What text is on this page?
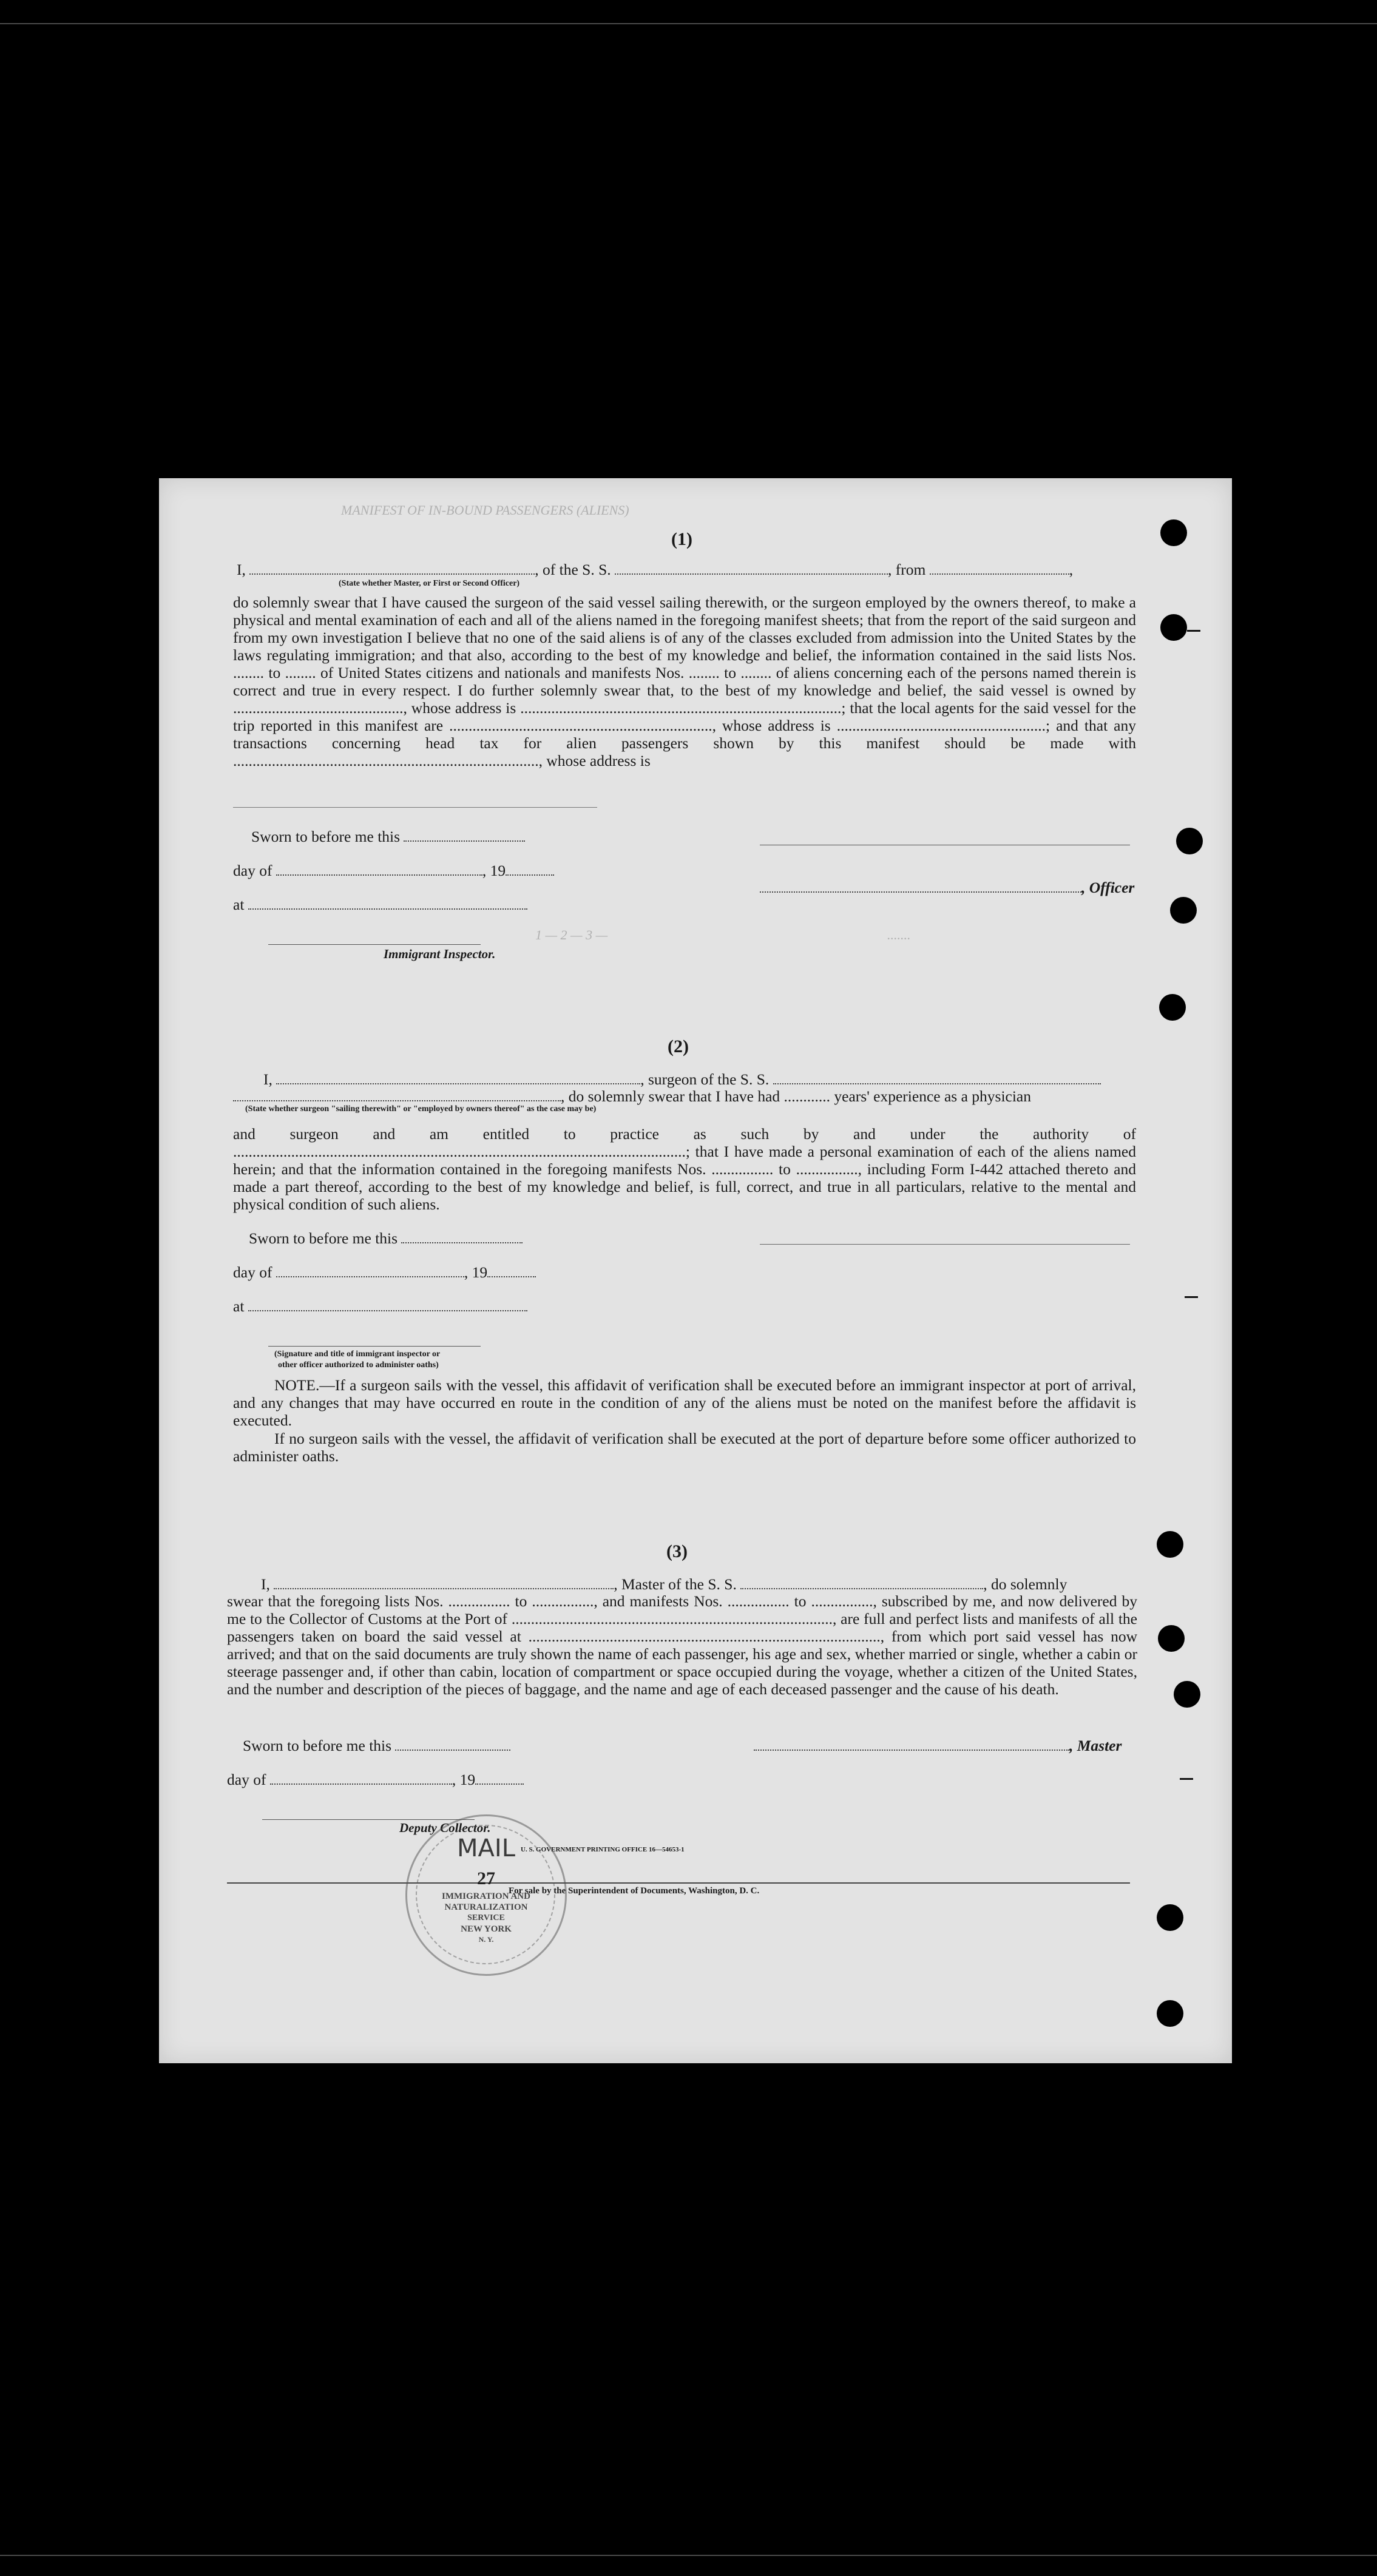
MANIFEST OF IN-BOUND PASSENGERS (ALIENS)
1 — 2 — 3 —	.......
(1)
I,	, of the S. S.	, from	,
(State whether Master, or First or Second Officer)
do solemnly swear that I have caused the surgeon of the said vessel sailing therewith, or the surgeon employed by the owners thereof, to make a physical and mental examination of each and all of the aliens named in the foregoing manifest sheets; that from the report of the said surgeon and from my own investigation I believe that no one of the said aliens is of any of the classes excluded from admission into the United States by the laws regulating immigration; and that also, according to the best of my knowledge and belief, the information contained in the said lists Nos. ........ to ........ of United States citizens and nationals and manifests Nos. ........ to ........ of aliens concerning each of the persons named therein is correct and true in every respect. I do further solemnly swear that, to the best of my knowledge and belief, the said vessel is owned by ............................................, whose address is ...................................................................................; that the local agents for the said vessel for the trip reported in this manifest are ...................................................................., whose address is ......................................................; and that any transactions concerning head tax for alien passengers shown by this manifest should be made with ..............................................................................., whose address is
Sworn to before me this
day of	, 19
at
, Officer
Immigrant Inspector.
(2)
I,	, surgeon of the S. S.
, do solemnly swear that I have had ............ years' experience as a physician
(State whether surgeon "sailing therewith" or "employed by owners thereof" as the case may be)
and surgeon and am entitled to practice as such by and under the authority of .....................................................................................................................; that I have made a personal examination of each of the aliens named herein; and that the information contained in the foregoing manifests Nos. ................ to ................, including Form I-442 attached thereto and made a part thereof, according to the best of my knowledge and belief, is full, correct, and true in all particulars, relative to the mental and physical condition of such aliens.
Sworn to before me this
day of	, 19
at
(Signature and title of immigrant inspector or
other officer authorized to administer oaths)
NOTE.—If a surgeon sails with the vessel, this affidavit of verification shall be executed before an immigrant inspector at port of arrival, and any changes that may have occurred en route in the condition of any of the aliens must be noted on the manifest before the affidavit is executed.
If no surgeon sails with the vessel, the affidavit of verification shall be executed at the port of departure before some officer authorized to administer oaths.
(3)
I,	, Master of the S. S.	, do solemnly
swear that the foregoing lists Nos. ................ to ................, and manifests Nos. ................ to ................, subscribed by me, and now delivered by me to the Collector of Customs at the Port of ..................................................................................., are full and perfect lists and manifests of all the passengers taken on board the said vessel at ..........................................................................................., from which port said vessel has now arrived; and that on the said documents are truly shown the name of each passenger, his age and sex, whether married or single, whether a cabin or steerage passenger and, if other than cabin, location of compartment or space occupied during the voyage, whether a citizen of the United States, and the number and description of the pieces of baggage, and the name and age of each deceased passenger and the cause of his death.
Sworn to before me this	, Master
day of	, 19
Deputy Collector.
U. S. GOVERNMENT PRINTING OFFICE 16—54653-1
For sale by the Superintendent of Documents, Washington, D. C.
MAIL
27
IMMIGRATION AND
NATURALIZATION
SERVICE
NEW YORK
N. Y.
